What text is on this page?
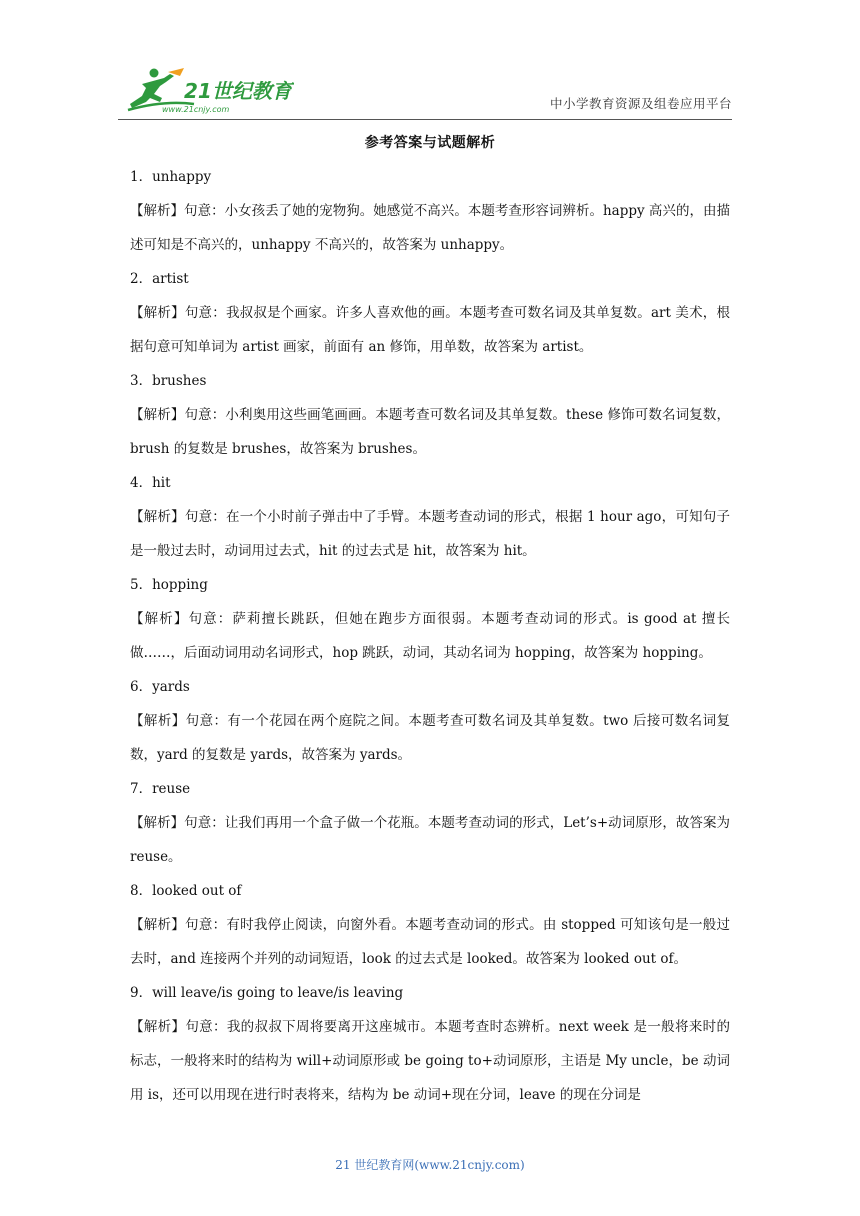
21世纪教育
www.21cnjy.com	中小学教育资源及组卷应用平台
参考答案与试题解析
1．unhappy
【解析】句意：小女孩丢了她的宠物狗。她感觉不高兴。本题考查形容词辨析。happy 高兴的，由描述可知是不高兴的，unhappy 不高兴的，故答案为 unhappy。
2．artist
【解析】句意：我叔叔是个画家。许多人喜欢他的画。本题考查可数名词及其单复数。art 美术，根据句意可知单词为 artist 画家，前面有 an 修饰，用单数，故答案为 artist。
3．brushes
【解析】句意：小利奥用这些画笔画画。本题考查可数名词及其单复数。these 修饰可数名词复数，brush 的复数是 brushes，故答案为 brushes。
4．hit
【解析】句意：在一个小时前子弹击中了手臂。本题考查动词的形式，根据 1 hour ago，可知句子是一般过去时，动词用过去式，hit 的过去式是 hit，故答案为 hit。
5．hopping
【解析】句意：萨莉擅长跳跃，但她在跑步方面很弱。本题考查动词的形式。is good at 擅长做……，后面动词用动名词形式，hop 跳跃，动词，其动名词为 hopping，故答案为 hopping。
6．yards
【解析】句意：有一个花园在两个庭院之间。本题考查可数名词及其单复数。two 后接可数名词复数，yard 的复数是 yards，故答案为 yards。
7．reuse
【解析】句意：让我们再用一个盒子做一个花瓶。本题考查动词的形式，Let’s+动词原形，故答案为 reuse。
8．looked out of
【解析】句意：有时我停止阅读，向窗外看。本题考查动词的形式。由 stopped 可知该句是一般过去时，and 连接两个并列的动词短语，look 的过去式是 looked。故答案为 looked out of。
9．will leave/is going to leave/is leaving
【解析】句意：我的叔叔下周将要离开这座城市。本题考查时态辨析。next week 是一般将来时的标志，一般将来时的结构为 will+动词原形或 be going to+动词原形，主语是 My uncle，be 动词用 is，还可以用现在进行时表将来，结构为 be 动词+现在分词，leave 的现在分词是
21 世纪教育网(www.21cnjy.com)
